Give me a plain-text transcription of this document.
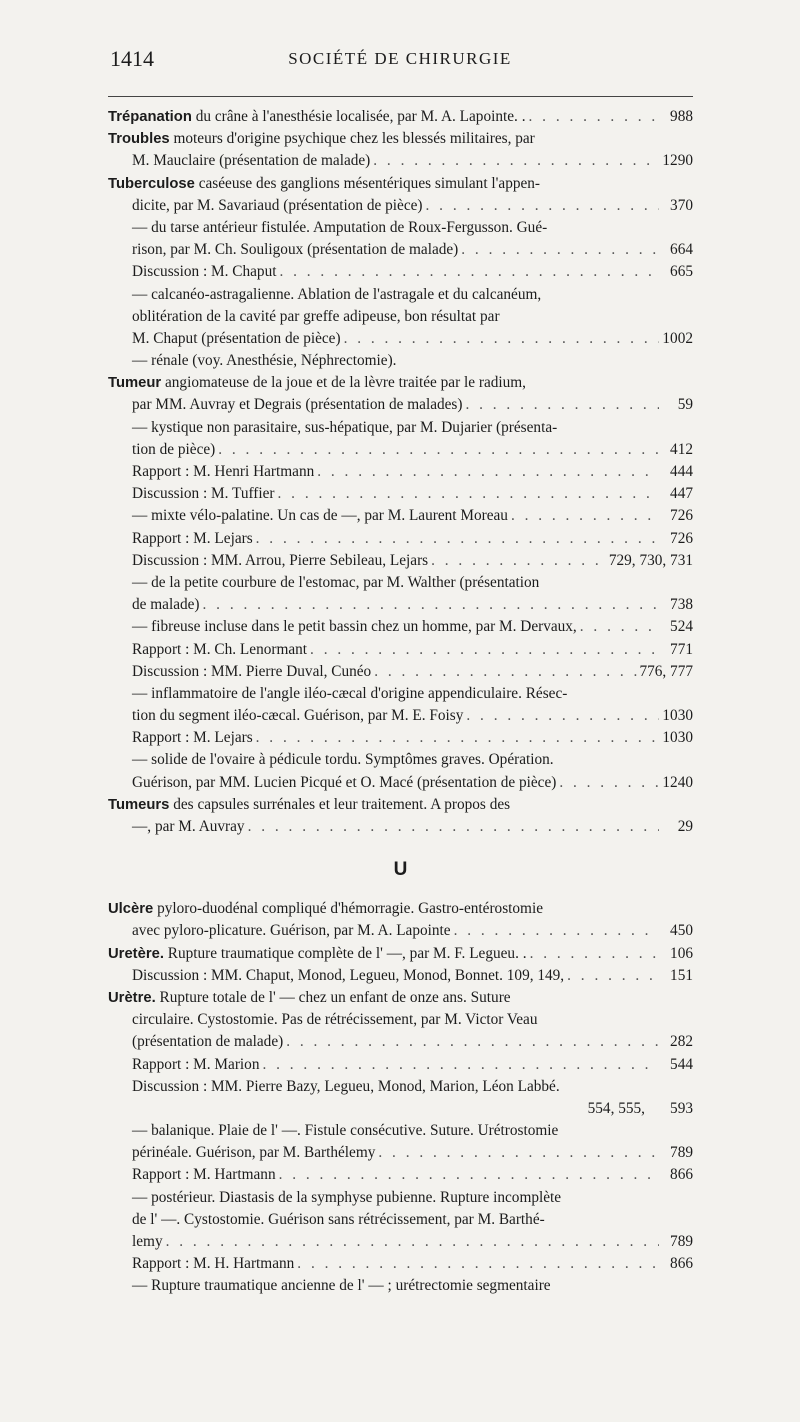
1414	SOCIÉTÉ DE CHIRURGIE
Trépanation du crâne à l'anesthésie localisée, par M. A. Lapointe. . . . .	988
Troubles moteurs d'origine psychique chez les blessés militaires, par
M. Mauclaire (présentation de malade) . . .	1290
Tuberculose caséeuse des ganglions mésentériques simulant l'appen-
dicite, par M. Savariaud (présentation de pièce) . . .	370
— du tarse antérieur fistulée. Amputation de Roux-Fergusson. Gué-
rison, par M. Ch. Souligoux (présentation de malade) . . .	664
Discussion : M. Chaput . . .	665
— calcanéo-astragalienne. Ablation de l'astragale et du calcanéum,
oblitération de la cavité par greffe adipeuse, bon résultat par
M. Chaput (présentation de pièce) . . .	1002
— rénale (voy. Anesthésie, Néphrectomie).
Tumeur angiomateuse de la joue et de la lèvre traitée par le radium,
par MM. Auvray et Degrais (présentation de malades) . . .	59
— kystique non parasitaire, sus-hépatique, par M. Dujarier (présenta-
tion de pièce) . . .	412
Rapport : M. Henri Hartmann . . .	444
Discussion : M. Tuffier . . .	447
— mixte vélo-palatine. Un cas de —, par M. Laurent Moreau . . .	726
Rapport : M. Lejars . . .	726
Discussion : MM. Arrou, Pierre Sebileau, Lejars . . .	729, 730, 731
— de la petite courbure de l'estomac, par M. Walther (présentation
de malade) . . .	738
— fibreuse incluse dans le petit bassin chez un homme, par M. Dervaux, . . .	524
Rapport : M. Ch. Lenormant . . .	771
Discussion : MM. Pierre Duval, Cunéo . . .	776, 777
— inflammatoire de l'angle iléo-cæcal d'origine appendiculaire. Résec-
tion du segment iléo-cæcal. Guérison, par M. E. Foisy . . .	1030
Rapport : M. Lejars . . .	1030
— solide de l'ovaire à pédicule tordu. Symptômes graves. Opération.
Guérison, par MM. Lucien Picqué et O. Macé (présentation de pièce) . . .	1240
Tumeurs des capsules surrénales et leur traitement. A propos des
—, par M. Auvray . . .	29
U
Ulcère pyloro-duodénal compliqué d'hémorragie. Gastro-entérostomie
avec pyloro-plicature. Guérison, par M. A. Lapointe . . .	450
Uretère. Rupture traumatique complète de l' —, par M. F. Legueu. . . . .	106
Discussion : MM. Chaput, Monod, Legueu, Monod, Bonnet. 109, 149, . . .	151
Urètre. Rupture totale de l' — chez un enfant de onze ans. Suture
circulaire. Cystostomie. Pas de rétrécissement, par M. Victor Veau
(présentation de malade) . . .	282
Rapport : M. Marion . . .	544
Discussion : MM. Pierre Bazy, Legueu, Monod, Marion, Léon Labbé.
554, 555,	593
— balanique. Plaie de l' —. Fistule consécutive. Suture. Urétrostomie
périnéale. Guérison, par M. Barthélemy . . .	789
Rapport : M. Hartmann . . .	866
— postérieur. Diastasis de la symphyse pubienne. Rupture incomplète
de l' —. Cystostomie. Guérison sans rétrécissement, par M. Barthé-
lemy . . .	789
Rapport : M. H. Hartmann . . .	866
— Rupture traumatique ancienne de l' — ; urétrectomie segmentaire
